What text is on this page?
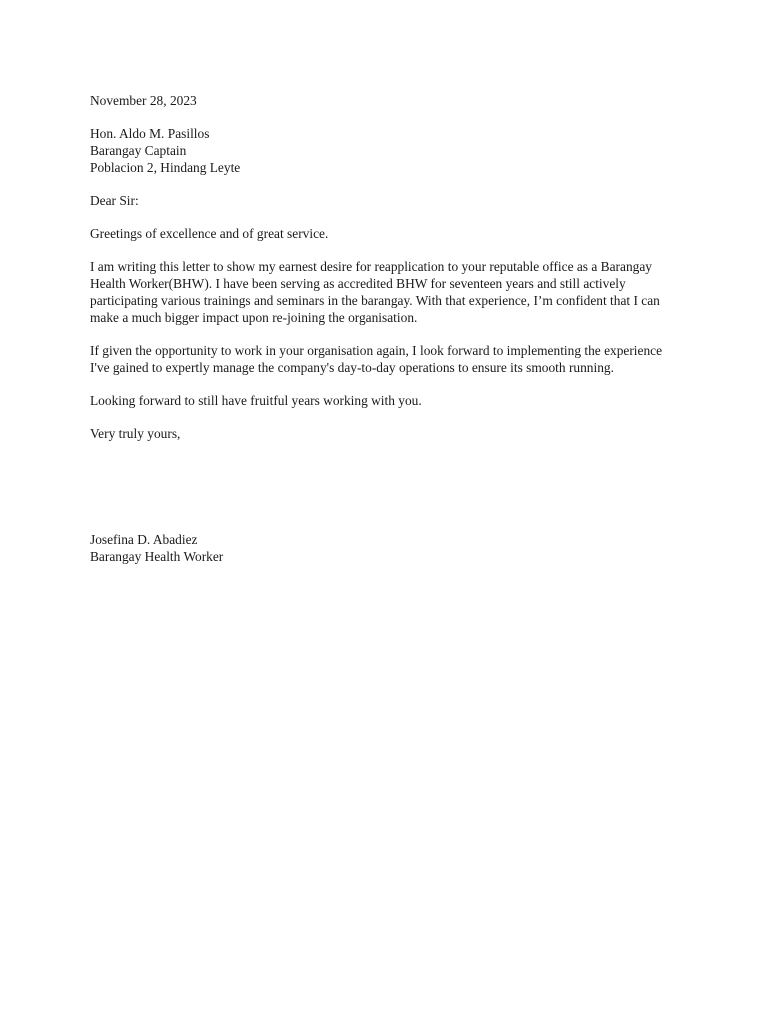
November 28, 2023
Hon. Aldo M. Pasillos
Barangay Captain
Poblacion 2, Hindang Leyte
Dear Sir:
Greetings of excellence and of great service.
I am writing this letter to show my earnest desire for reapplication to your reputable office as a Barangay
Health Worker(BHW). I have been serving as accredited BHW for seventeen years and still actively
participating various trainings and seminars in the barangay. With that experience, I’m confident that I can
make a much bigger impact upon re-joining the organisation.
If given the opportunity to work in your organisation again, I look forward to implementing the experience
I've gained to expertly manage the company's day-to-day operations to ensure its smooth running.
Looking forward to still have fruitful years working with you.
Very truly yours,
Josefina D. Abadiez
Barangay Health Worker
